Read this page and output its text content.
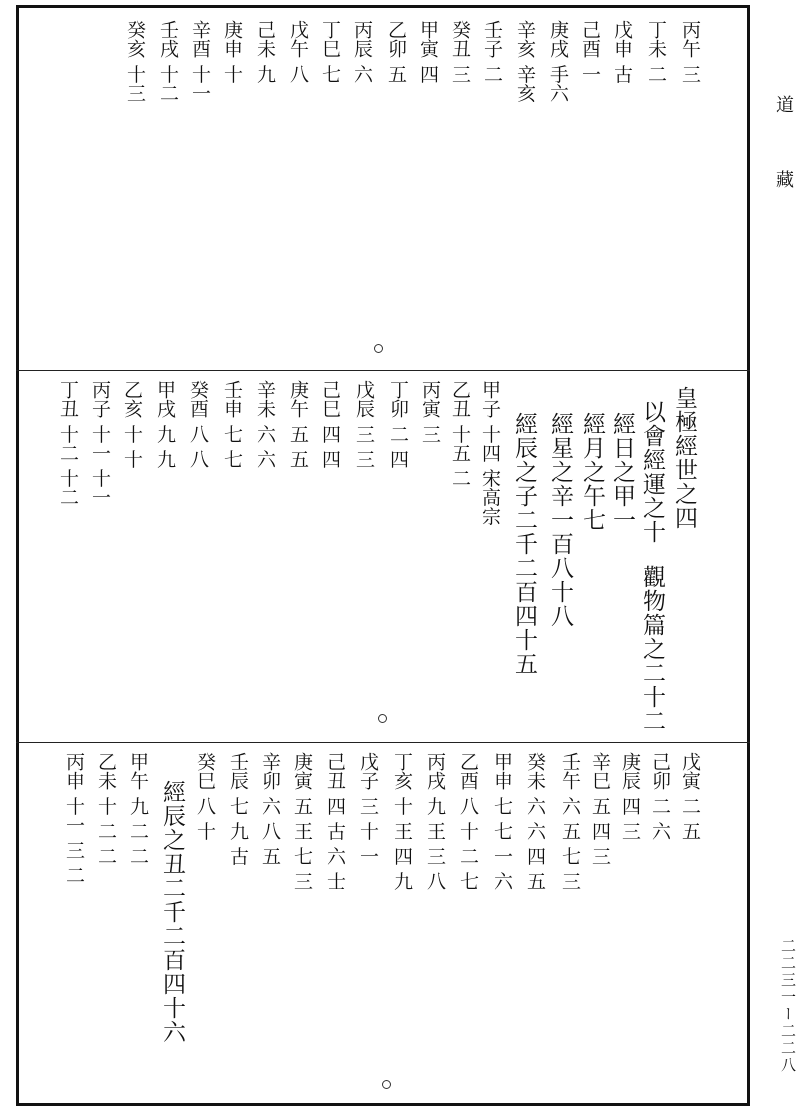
道
藏
二二三一ー二二八
丙午 三
丁未 二
戊申 古
己酉 一
庚戌 手六
辛亥 辛亥
壬子 二
癸丑 三
甲寅 四
乙卯 五
丙辰 六
丁巳 七
戊午 八
己未 九
庚申 十
辛酉 十一
壬戌 十二
癸亥 十三
皇極經世之四
以會經運之十
觀物篇之二十二
經日之甲一
經月之午七
經星之辛一百八十八
經辰之子二千二百四十五
甲子 十四 宋高宗
乙丑 十五 二
丙寅 三
丁卯 二 四
戊辰 三 三
己巳 四 四
庚午 五 五
辛未 六 六
壬申 七 七
癸酉 八 八
甲戌 九 九
乙亥 十 十
丙子 十一 十一
丁丑 十二 十二
戊寅 二 五
己卯 二 六
庚辰 四 三
辛巳 五 四 三
壬午 六 五 七 三
癸未 六 六 四 五
甲申 七 七 一 六
乙酉 八 十 二 七
丙戌 九 王 三 八
丁亥 十 王 四 九
戊子 三 十 一
己丑 四 古 六 士
庚寅 五 王 七 三
辛卯 六 八 五
壬辰 七 九 古
癸巳 八 十
經辰之丑二千二百四十六
甲午 九 二 二
乙未 十 二 二
丙申 十一 三 二
